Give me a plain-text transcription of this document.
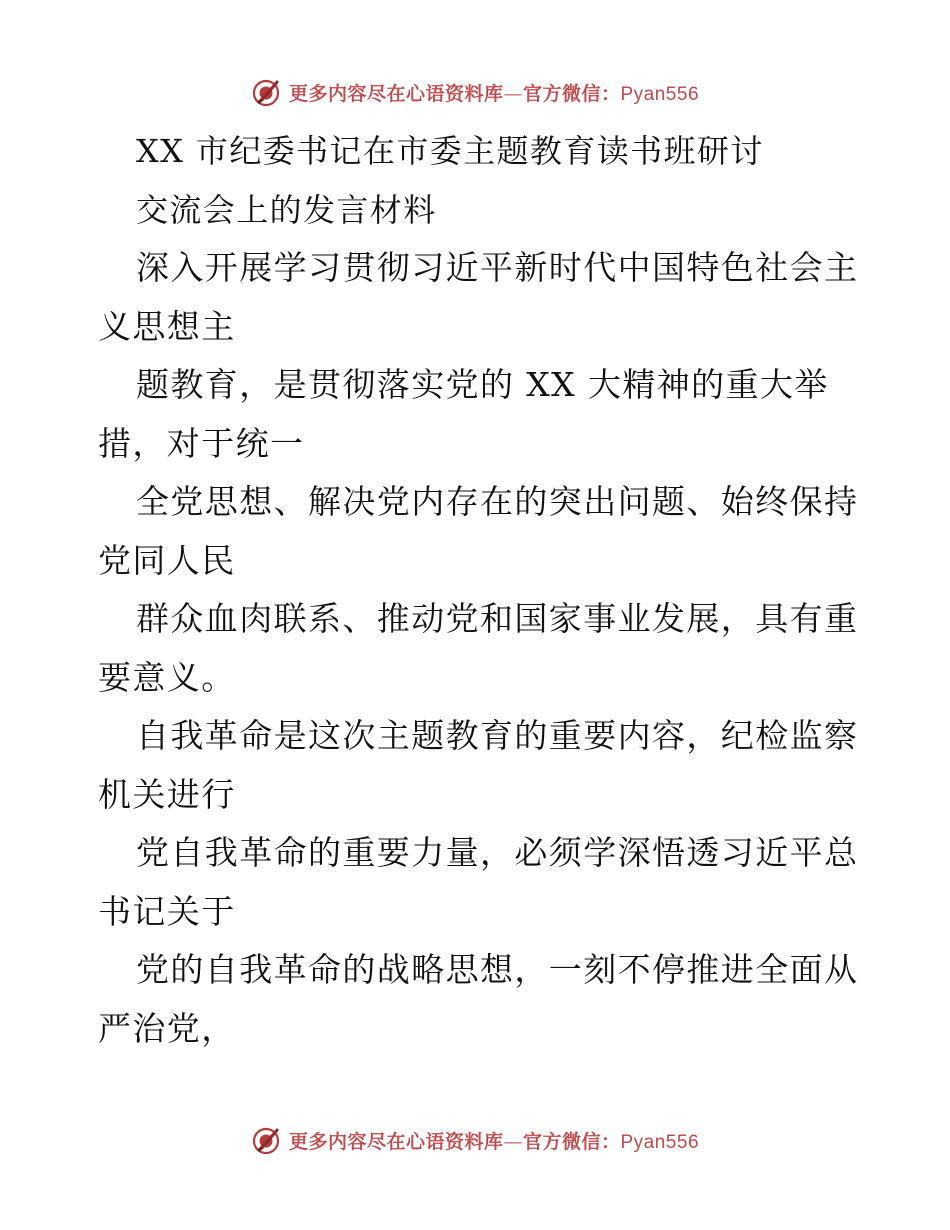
更多内容尽在心语资料库—官方微信：Pyan556
XX 市纪委书记在市委主题教育读书班研讨
交流会上的发言材料
深入开展学习贯彻习近平新时代中国特色社会主
义思想主
题教育，是贯彻落实党的 XX 大精神的重大举
措，对于统一
全党思想、解决党内存在的突出问题、始终保持
党同人民
群众血肉联系、推动党和国家事业发展，具有重
要意义。
自我革命是这次主题教育的重要内容，纪检监察
机关进行
党自我革命的重要力量，必须学深悟透习近平总
书记关于
党的自我革命的战略思想，一刻不停推进全面从
严治党，
更多内容尽在心语资料库—官方微信：Pyan556
